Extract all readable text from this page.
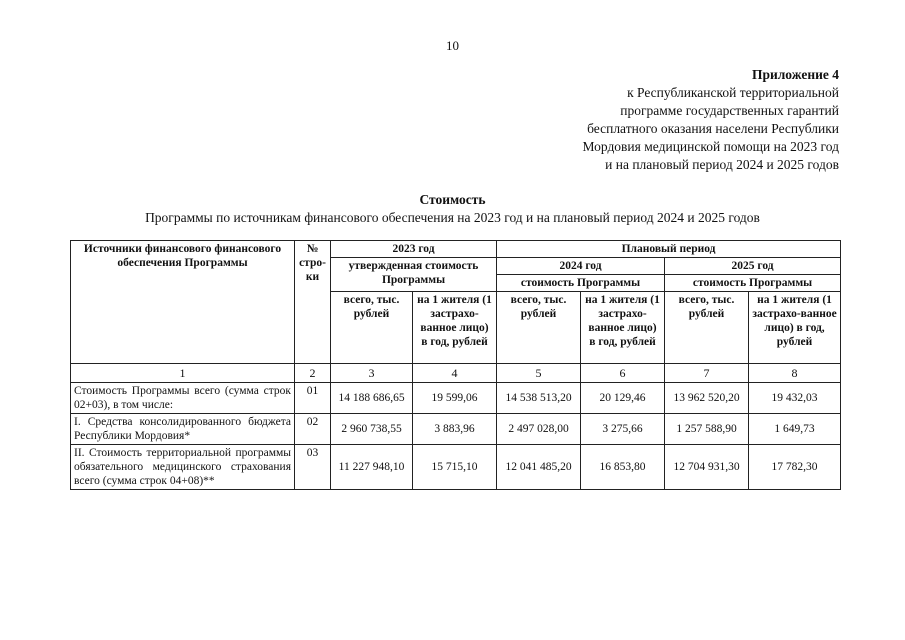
10
Приложение 4
к Республиканской территориальной
программе государственных гарантий
бесплатного оказания населени Республики
Мордовия медицинской помощи на 2023 год
и на плановый период 2024 и 2025 годов
Стоимость
Программы по источникам финансового обеспечения на 2023 год и на плановый период 2024 и 2025 годов
Источники финансового финансового обеспечения Программы	№ стро-ки	2023 год		Плановый период			
		утвержденная стоимость Программы		2024 год		2025 год	
				стоимость Программы		стоимость Программы	
		всего, тыс. рублей	на 1 жителя (1 застрахо-ванное лицо) в год, рублей	всего, тыс. рублей	на 1 жителя (1 застрахо-ванное лицо) в год, рублей	всего, тыс. рублей	на 1 жителя (1 застрахо-ванное лицо) в год, рублей
1	2	3	4	5	6	7	8
Стоимость Программы всего (сумма строк 02+03), в том числе:	01	14 188 686,65	19 599,06	14 538 513,20	20 129,46	13 962 520,20	19 432,03
I. Средства консолидированного бюджета Республики Мордовия*	02	2 960 738,55	3 883,96	2 497 028,00	3 275,66	1 257 588,90	1 649,73
II. Стоимость территориальной программы обязательного медицинского страхования всего (сумма строк 04+08)**	03	11 227 948,10	15 715,10	12 041 485,20	16 853,80	12 704 931,30	17 782,30
